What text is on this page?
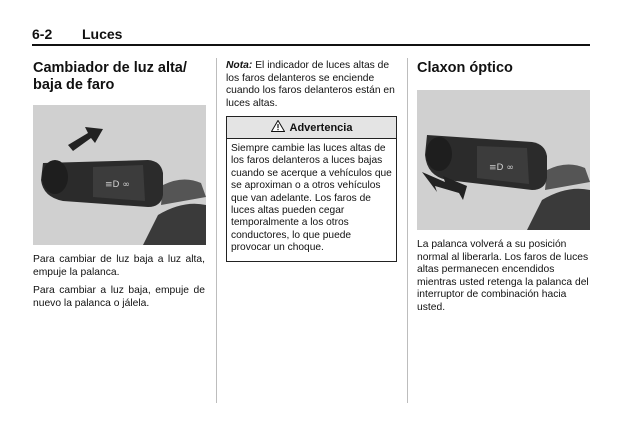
6-2 Luces
Cambiador de luz alta/
baja de faro
≡D ∞

Para cambiar de luz baja a luz alta, empuje la palanca.

Para cambiar a luz baja, empuje de nuevo la palanca o jálela.

Nota: El indicador de luces altas de los faros delanteros se enciende cuando los faros delanteros están en luces altas.

Advertencia
Siempre cambie las luces altas de los faros delanteros a luces bajas cuando se acerque a vehículos que se aproximan o a otros vehículos que van adelante. Los faros de luces altas pueden cegar temporalmente a los otros conductores, lo que puede provocar un choque.
Claxon óptico
≡D ∞

La palanca volverá a su posición normal al liberarla. Los faros de luces altas permanecen encendidos mientras usted retenga la palanca del interruptor de combinación hacia usted.
